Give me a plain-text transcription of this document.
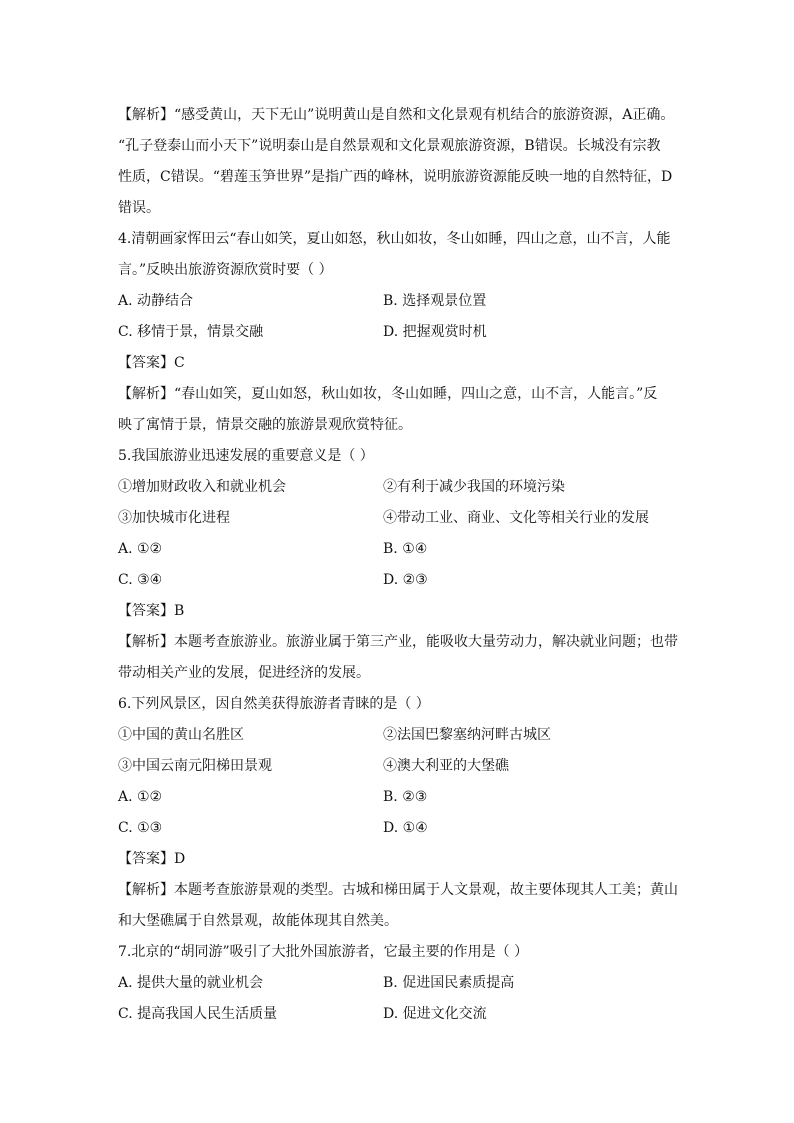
【解析】“感受黄山，天下无山”说明黄山是自然和文化景观有机结合的旅游资源，A正确。

“孔子登泰山而小天下”说明泰山是自然景观和文化景观旅游资源，B错误。长城没有宗教

性质，C错误。“碧莲玉笋世界”是指广西的峰林，说明旅游资源能反映一地的自然特征，D

错误。

4.清朝画家恽田云“春山如笑，夏山如怒，秋山如妆，冬山如睡，四山之意，山不言，人能

言。”反映出旅游资源欣赏时要（ ）

A. 动静结合	B. 选择观景位置
C. 移情于景，情景交融	D. 把握观赏时机

【答案】C

【解析】“春山如笑，夏山如怒，秋山如妆，冬山如睡，四山之意，山不言，人能言。”反

映了寓情于景，情景交融的旅游景观欣赏特征。

5.我国旅游业迅速发展的重要意义是（ ）

①增加财政收入和就业机会	②有利于减少我国的环境污染
③加快城市化进程	④带动工业、商业、文化等相关行业的发展
A. ①②	B. ①④
C. ③④	D. ②③

【答案】B

【解析】本题考查旅游业。旅游业属于第三产业，能吸收大量劳动力，解决就业问题；也带

带动相关产业的发展，促进经济的发展。

6.下列风景区，因自然美获得旅游者青睐的是（ ）

①中国的黄山名胜区	②法国巴黎塞纳河畔古城区
③中国云南元阳梯田景观	④澳大利亚的大堡礁
A. ①②	B. ②③
C. ①③	D. ①④

【答案】D

【解析】本题考查旅游景观的类型。古城和梯田属于人文景观，故主要体现其人工美；黄山

和大堡礁属于自然景观，故能体现其自然美。

7.北京的“胡同游”吸引了大批外国旅游者，它最主要的作用是（ ）

A. 提供大量的就业机会	B. 促进国民素质提高
C. 提高我国人民生活质量	D. 促进文化交流
